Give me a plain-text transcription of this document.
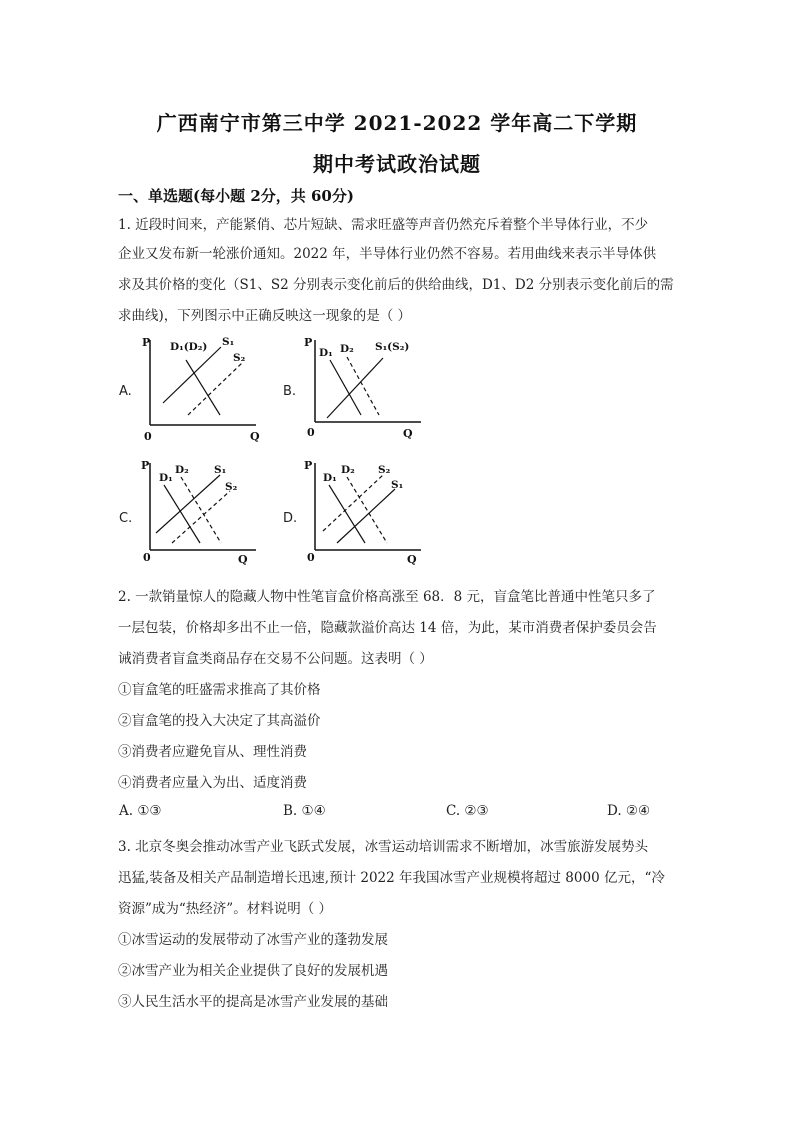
广西南宁市第三中学 2021-2022 学年高二下学期
期中考试政治试题
一、单选题(每小题 2分，共 60分)
1. 近段时间来，产能紧俏、芯片短缺、需求旺盛等声音仍然充斥着整个半导体行业，不少
企业又发布新一轮涨价通知。2022 年，半导体行业仍然不容易。若用曲线来表示半导体供
求及其价格的变化（S1、S2 分别表示变化前后的供给曲线，D1、D2 分别表示变化前后的需
求曲线)，下列图示中正确反映这一现象的是（ ）
A.
P
Q
0
D₁(D₂) S₁
S₂
B.
P
Q
0
D₁ D₂ S₁(S₂)
C.
P
Q
0
D₁
D₂ S₁
S₂
D.
P
Q
0
D₁
D₂ S₂
S₁
2. 一款销量惊人的隐藏人物中性笔盲盒价格高涨至 68．8 元，盲盒笔比普通中性笔只多了
一层包装，价格却多出不止一倍，隐藏款溢价高达 14 倍，为此，某市消费者保护委员会告
诫消费者盲盒类商品存在交易不公问题。这表明（ ）
①盲盒笔的旺盛需求推高了其价格
②盲盒笔的投入大决定了其高溢价
③消费者应避免盲从、理性消费
④消费者应量入为出、适度消费
A. ①③	B. ①④	C. ②③	D. ②④
3. 北京冬奥会推动冰雪产业飞跃式发展，冰雪运动培训需求不断增加，冰雪旅游发展势头
迅猛,装备及相关产品制造增长迅速,预计 2022 年我国冰雪产业规模将超过 8000 亿元，“冷
资源”成为“热经济”。材料说明（ ）
①冰雪运动的发展带动了冰雪产业的蓬勃发展
②冰雪产业为相关企业提供了良好的发展机遇
③人民生活水平的提高是冰雪产业发展的基础
